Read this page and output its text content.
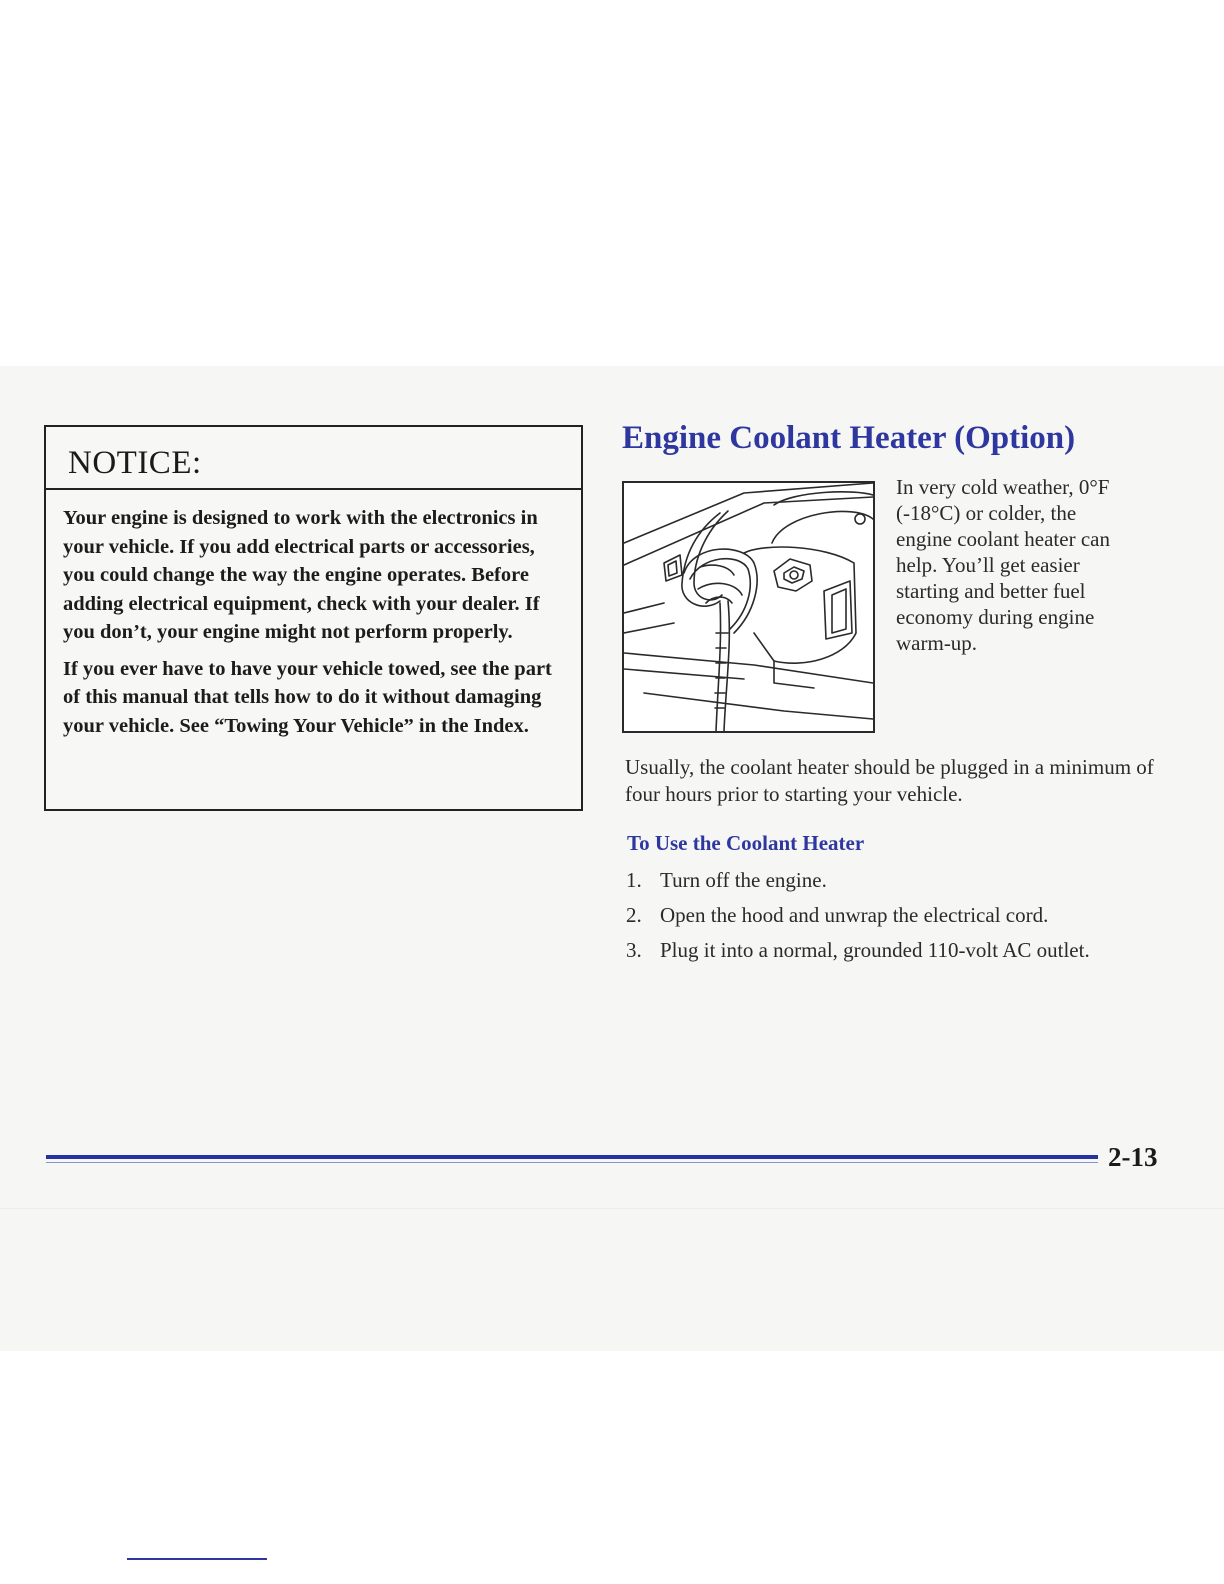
NOTICE:

Your engine is designed to work with the electronics in your vehicle. If you add electrical parts or accessories, you could change the way the engine operates. Before adding electrical equipment, check with your dealer. If you don’t, your engine might not perform properly.

If you ever have to have your vehicle towed, see the part of this manual that tells how to do it without damaging your vehicle. See “Towing Your Vehicle” in the Index.

Engine Coolant Heater (Option)

In very cold weather, 0°F (-18°C) or colder, the engine coolant heater can help. You’ll get easier starting and better fuel economy during engine warm-up.

Usually, the coolant heater should be plugged in a minimum of four hours prior to starting your vehicle.

To Use the Coolant Heater
1. Turn off the engine.
2. Open the hood and unwrap the electrical cord.
3. Plug it into a normal, grounded 110-volt AC outlet.

2-13
